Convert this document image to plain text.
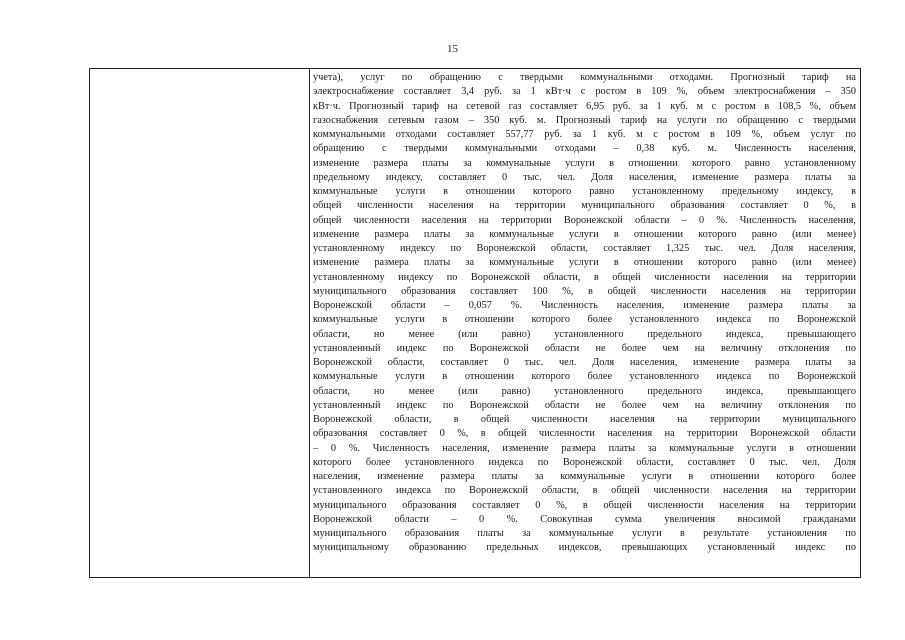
15
учета), услуг по обращению с твердыми коммунальными отходами. Прогнозный тариф на
электроснабжение составляет 3,4 руб. за 1 кВт·ч с ростом в 109 %, объем электроснабжения – 350
кВт·ч. Прогнозный тариф на сетевой газ составляет 6,95 руб. за 1 куб. м с ростом в 108,5 %, объем
газоснабжения сетевым газом – 350 куб. м. Прогнозный тариф на услуги по обращению с твердыми
коммунальными отходами составляет 557,77 руб. за 1 куб. м с ростом в 109 %, объем услуг по
обращению с твердыми коммунальными отходами – 0,38 куб. м. Численность населения,
изменение размера платы за коммунальные услуги в отношении которого равно установленному
предельному индексу, составляет 0 тыс. чел. Доля населения, изменение размера платы за
коммунальные услуги в отношении которого равно установленному предельному индексу, в
общей численности населения на территории муниципального образования составляет 0 %, в
общей численности населения на территории Воронежской области – 0 %. Численность населения,
изменение размера платы за коммунальные услуги в отношении которого равно (или менее)
установленному индексу по Воронежской области, составляет 1,325 тыс. чел. Доля населения,
изменение размера платы за коммунальные услуги в отношении которого равно (или менее)
установленному индексу по Воронежской области, в общей численности населения на территории
муниципального образования составляет 100 %, в общей численности населения на территории
Воронежской области – 0,057 %. Численность населения, изменение размера платы за
коммунальные услуги в отношении которого более установленного индекса по Воронежской
области, но менее (или равно) установленного предельного индекса, превышающего
установленный индекс по Воронежской области не более чем на величину отклонения по
Воронежской области, составляет 0 тыс. чел. Доля населения, изменение размера платы за
коммунальные услуги в отношении которого более установленного индекса по Воронежской
области, но менее (или равно) установленного предельного индекса, превышающего
установленный индекс по Воронежской области не более чем на величину отклонения по
Воронежской области, в общей численности населения на территории муниципального
образования составляет 0 %, в общей численности населения на территории Воронежской области
– 0 %. Численность населения, изменение размера платы за коммунальные услуги в отношении
которого более установленного индекса по Воронежской области, составляет 0 тыс. чел. Доля
населения, изменение размера платы за коммунальные услуги в отношении которого более
установленного индекса по Воронежской области, в общей численности населения на территории
муниципального образования составляет 0 %, в общей численности населения на территории
Воронежской области – 0 %. Совокупная сумма увеличения вносимой гражданами
муниципального образования платы за коммунальные услуги в результате установления по
муниципальному образованию предельных индексов, превышающих установленный индекс по
